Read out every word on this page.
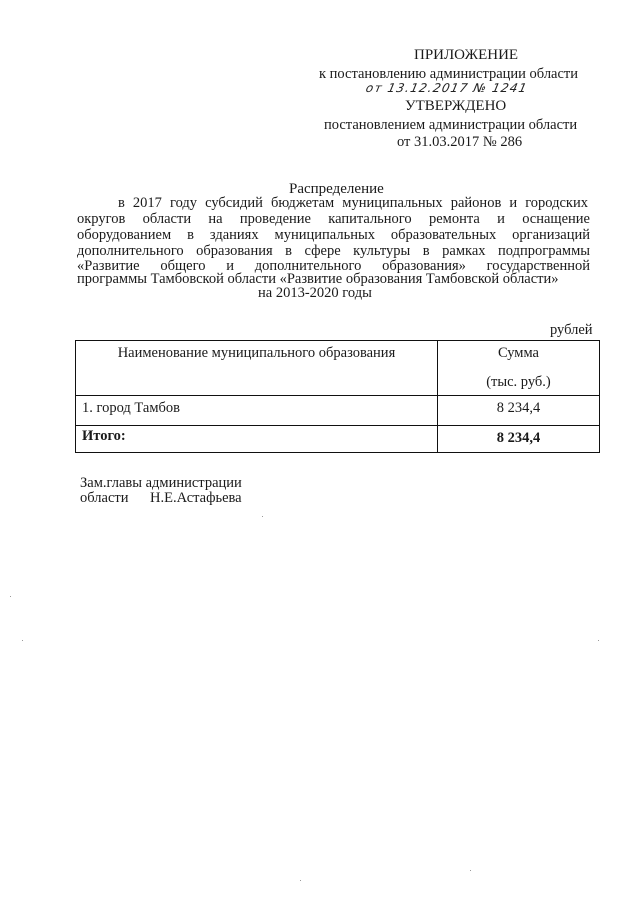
ПРИЛОЖЕНИЕ
к постановлению администрации области
от 13.12.2017 № 1241
УТВЕРЖДЕНО
постановлением администрации области
от 31.03.2017 № 286
Распределение
в 2017 году субсидий бюджетам муниципальных районов и городских
округов области на проведение капитального ремонта и оснащение
оборудованием в зданиях муниципальных образовательных организаций
дополнительного образования в сфере культуры в рамках подпрограммы
«Развитие общего и дополнительного образования» государственной
программы Тамбовской области «Развитие образования Тамбовской области»
на 2013-2020 годы
рублей
Наименование муниципального образования	Сумма
(тыс. руб.)

1. город Тамбов	8 234,4

Итого:	8 234,4
Зам.главы администрации
области Н.Е.Астафьева
